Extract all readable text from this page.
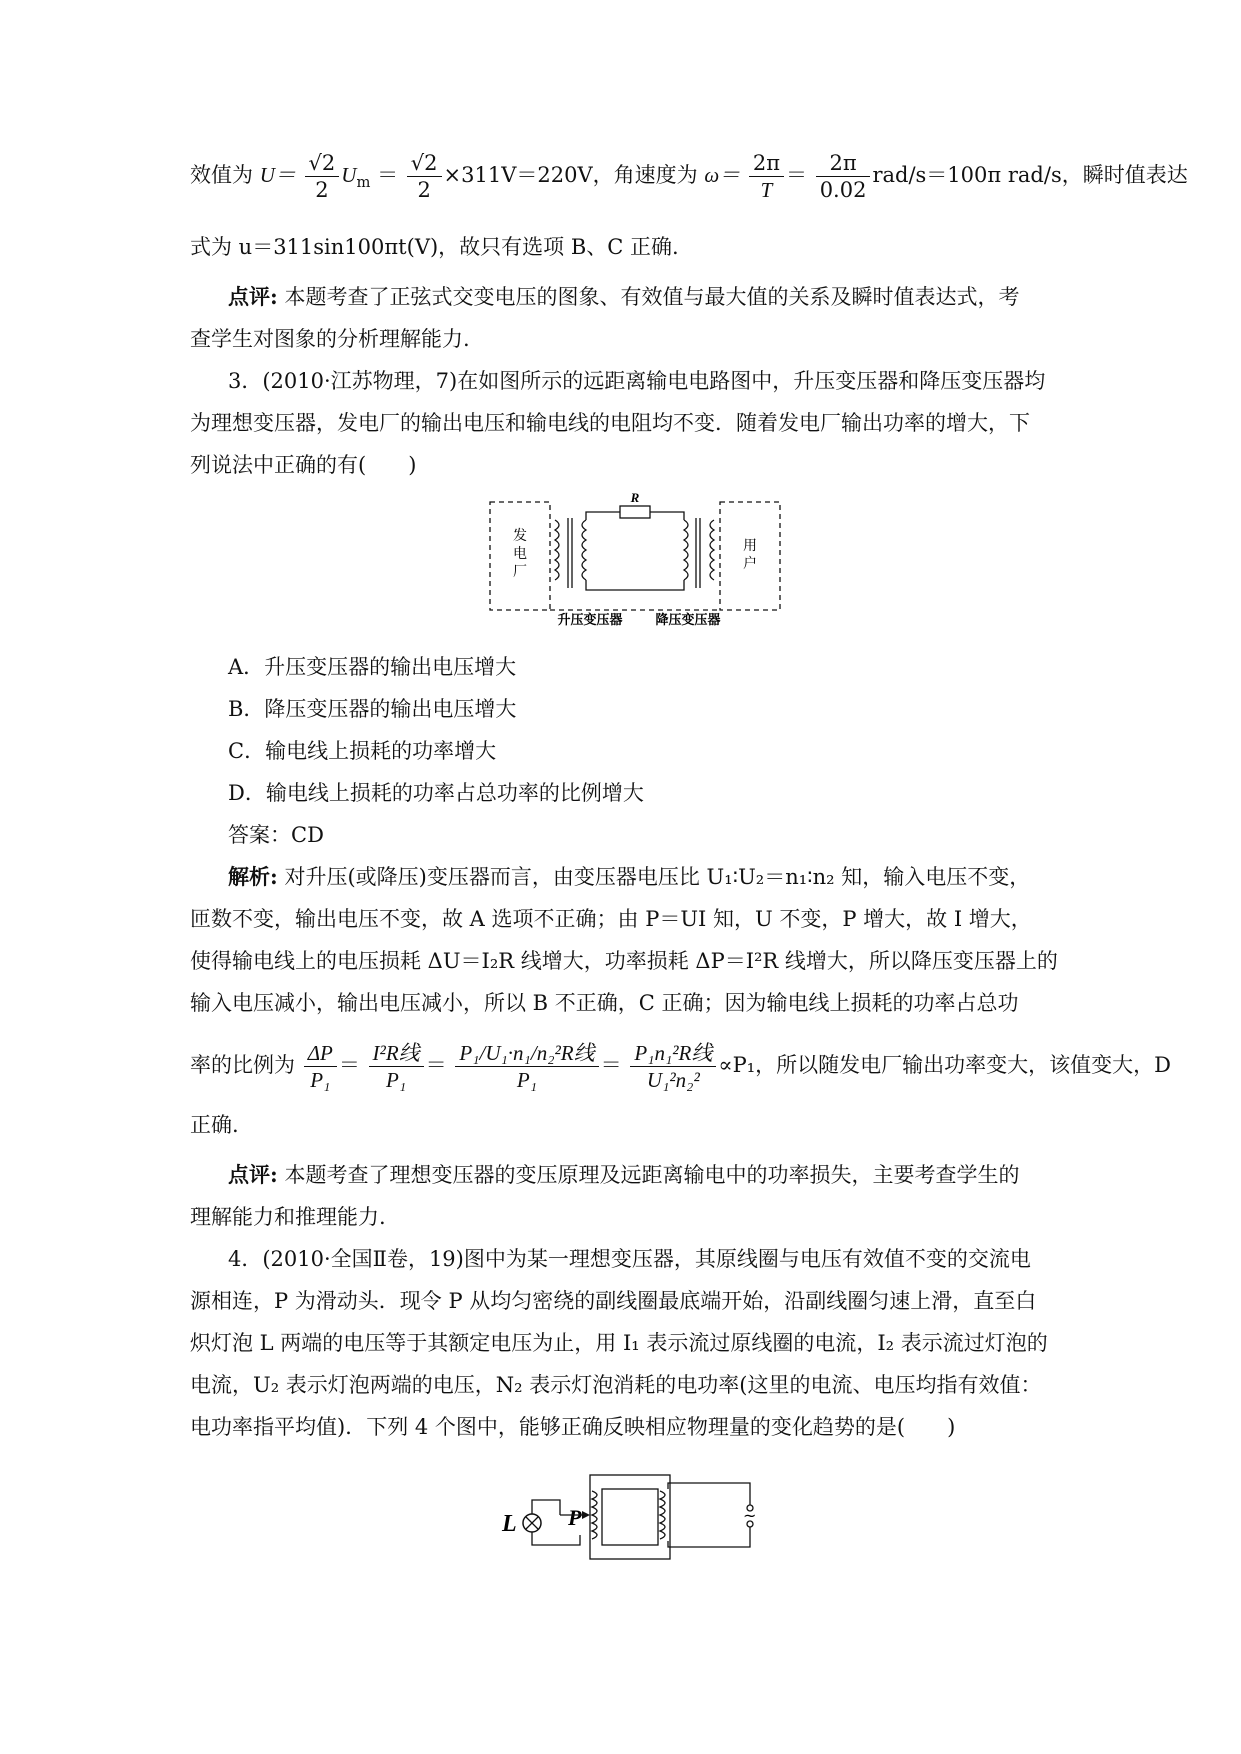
效值为 $U= \frac{√2}{2} U_m = \frac{√2}{2} \times 311V=220V$，角速度为 $\omega= \frac{2\pi}{T} = \frac{2\pi}{0.02} rad/s=100\pi$ rad/s，瞬时值表达
式为 u＝311sin100πt(V)，故只有选项 B、C 正确.
点评: 本题考查了正弦式交变电压的图象、有效值与最大值的关系及瞬时值表达式，考
查学生对图象的分析理解能力.
3．(2010·江苏物理，7)在如图所示的远距离输电电路图中，升压变压器和降压变压器均
为理想变压器，发电厂的输出电压和输电线的电阻均不变．随着发电厂输出功率的增大，下
列说法中正确的有(　　)
R
发
电
厂
用
户
升压变压器	降压变压器
A．升压变压器的输出电压增大
B．降压变压器的输出电压增大
C．输电线上损耗的功率增大
D．输电线上损耗的功率占总功率的比例增大
答案：CD
解析: 对升压(或降压)变压器而言，由变压器电压比 U₁∶U₂＝n₁∶n₂ 知，输入电压不变，
匝数不变，输出电压不变，故 A 选项不正确；由 P＝UI 知，U 不变，P 增大，故 I 增大，
使得输电线上的电压损耗 ΔU＝I₂R 线增大，功率损耗 ΔP＝I²R 线增大，所以降压变压器上的
输入电压减小，输出电压减小，所以 B 不正确，C 正确；因为输电线上损耗的功率占总功
率的比例为 $\frac{\Delta P}{\text{P₁}} = \frac{\text{I²R线}}{\text{P₁}} = \frac{\text{P₁/U₁·n₁/n₂²R线}}{\text{P₁}} = \frac{\text{P₁n₁²R线}}{\text{U₁²n₂²}} \propto P_1$，所以随发电厂输出功率变大，该值变大，D
正确.
点评: 本题考查了理想变压器的变压原理及远距离输电中的功率损失，主要考查学生的
理解能力和推理能力.
4．(2010·全国Ⅱ卷，19)图中为某一理想变压器，其原线圈与电压有效值不变的交流电
源相连，P 为滑动头．现令 P 从均匀密绕的副线圈最底端开始，沿副线圈匀速上滑，直至白
炽灯泡 L 两端的电压等于其额定电压为止，用 I₁ 表示流过原线圈的电流，I₂ 表示流过灯泡的
电流，U₂ 表示灯泡两端的电压，N₂ 表示灯泡消耗的电功率(这里的电流、电压均指有效值：
电功率指平均值)．下列 4 个图中，能够正确反映相应物理量的变化趋势的是(　　)
L P	~
